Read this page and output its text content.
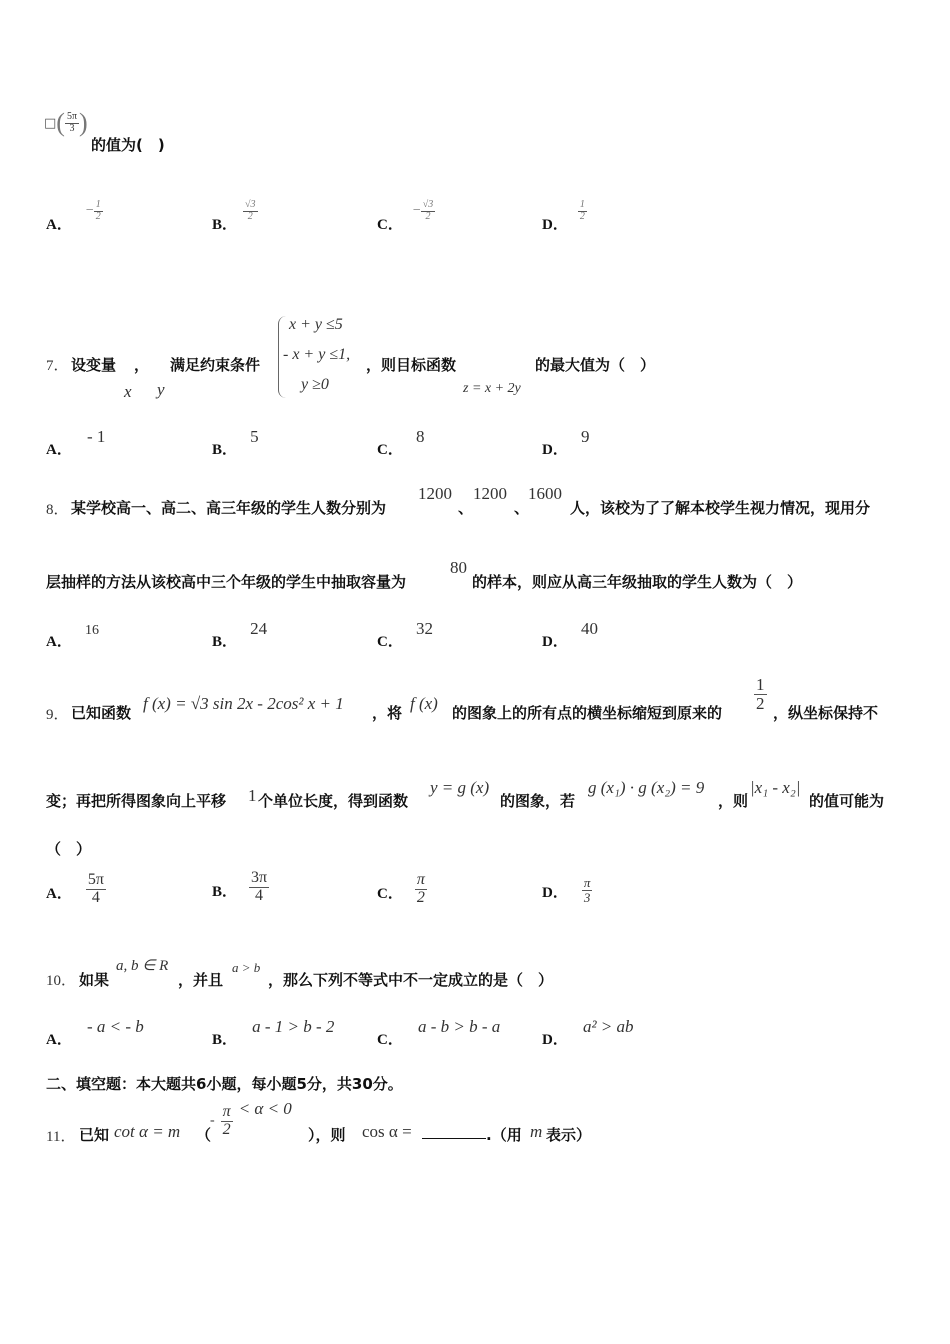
□ ( $\frac{5\pi}{3}$ )
的值为(　)
A．
− $\frac{1}{2}$
B．
$\frac{√3}{2}$
C．
− $\frac{√3}{2}$
D．
$\frac{1}{2}$
7． 设变量 ， 满足约束条件
x y
x + y ≤5
- x + y ≤1,
y ≥0
，则目标函数
z = x + 2y
的最大值为（　）
A． - 1
B． 5
C． 8
D． 9
8． 某学校高一、高二、高三年级的学生人数分别为
1200
、
1200
、
1600
人，该校为了了解本校学生视力情况，现用分
层抽样的方法从该校高中三个年级的学生中抽取容量为
80
的样本，则应从高三年级抽取的学生人数为（　）
A． 16
B． 24
C． 32
D． 40
9． 已知函数 f (x) = √3 sin 2x - 2cos² x + 1 ，将 f (x) 的图象上的所有点的横坐标缩短到原来的
$\frac{1}{2}$
，纵坐标保持不
变；再把所得图象向上平移 1 个单位长度，得到函数
y = g (x)
的图象，若
g (x₁) · g (x₂) = 9
，则
|x₁ - x₂|
的值可能为
（　）
A． $\frac{5\pi}{4}$	B． $\frac{3\pi}{4}$	C． $\frac{\pi}{2}$	D． $\frac{\pi}{3}$
10． 如果
a, b ∈ R
，并且
a > b
，那么下列不等式中不一定成立的是（　）
A． - a < - b
B． a - 1 > b - 2
C． a - b > b - a
D． a² > ab
二、填空题：本大题共6小题，每小题5分，共30分。
11． 已知 cot α = m （
- $\frac{\pi}{2} < \alpha < 0$
），则 cos α =	.（用 m 表示）
